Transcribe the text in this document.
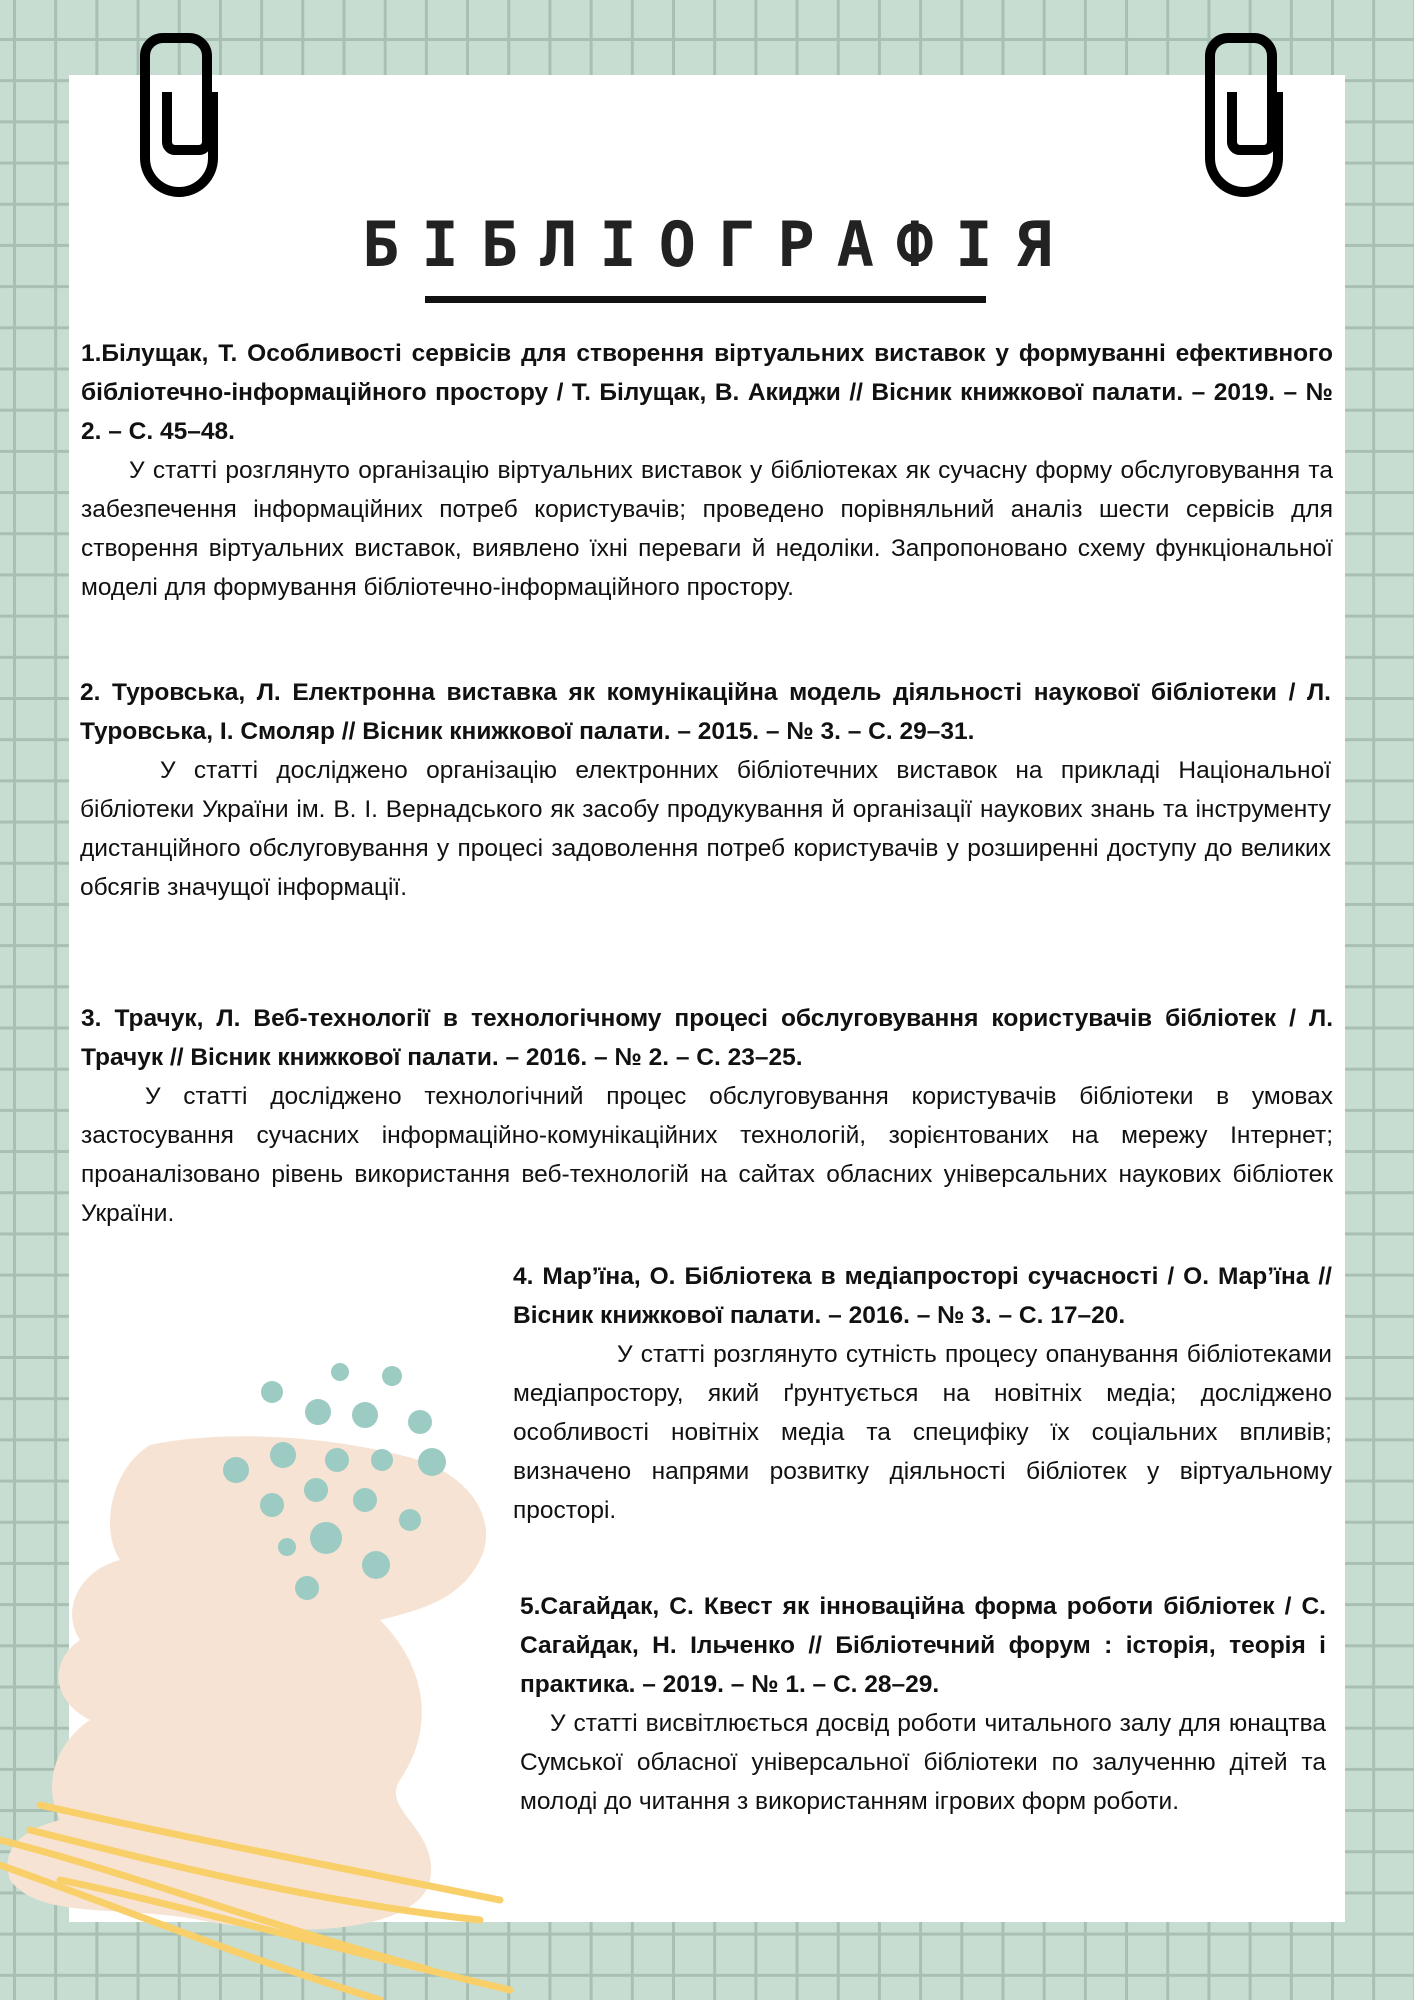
БІБЛІОГРАФІЯ

1.Білущак, Т. Особливості сервісів для створення віртуальних виставок у формуванні ефективного бібліотечно-інформаційного простору / Т. Білущак, В. Акиджи // Вісник книжкової палати. – 2019. – № 2. – С. 45–48.

У статті розглянуто організацію віртуальних виставок у бібліотеках як сучасну форму обслуговування та забезпечення інформаційних потреб користувачів; проведено порівняльний аналіз шести сервісів для створення віртуальних виставок, виявлено їхні переваги й недоліки. Запропоновано схему функціональної моделі для формування бібліотечно-інформаційного простору.

2. Туровська, Л. Електронна виставка як комунікаційна модель діяльності наукової бібліотеки / Л. Туровська, І. Смоляр // Вісник книжкової палати. – 2015. – № 3. – С. 29–31.

У статті досліджено організацію електронних бібліотечних виставок на прикладі Національної бібліотеки України ім. В. І. Вернадського як засобу продукування й організації наукових знань та інструменту дистанційного обслуговування у процесі задоволення потреб користувачів у розширенні доступу до великих обсягів значущої інформації.

3. Трачук, Л. Веб-технології в технологічному процесі обслуговування користувачів бібліотек / Л. Трачук // Вісник книжкової палати. – 2016. – № 2. – С. 23–25.

У статті досліджено технологічний процес обслуговування користувачів бібліотеки в умовах застосування сучасних інформаційно-комунікаційних технологій, зорієнтованих на мережу Інтернет; проаналізовано рівень використання веб-технологій на сайтах обласних універсальних наукових бібліотек України.

4. Мар’їна, О. Бібліотека в медіапросторі сучасності / О. Мар’їна // Вісник книжкової палати. – 2016. – № 3. – С. 17–20.

У статті розглянуто сутність процесу опанування бібліотеками медіапростору, який ґрунтується на новітніх медіа; досліджено особливості новітніх медіа та специфіку їх соціальних впливів; визначено напрями розвитку діяльності бібліотек у віртуальному просторі.

5.Сагайдак, С. Квест як інноваційна форма роботи бібліотек / С. Сагайдак, Н. Ільченко // Бібліотечний форум : історія, теорія і практика. – 2019. – № 1. – С. 28–29.

У статті висвітлюється досвід роботи читального залу для юнацтва Сумської обласної універсальної бібліотеки по залученню дітей та молоді до читання з використанням ігрових форм роботи.
